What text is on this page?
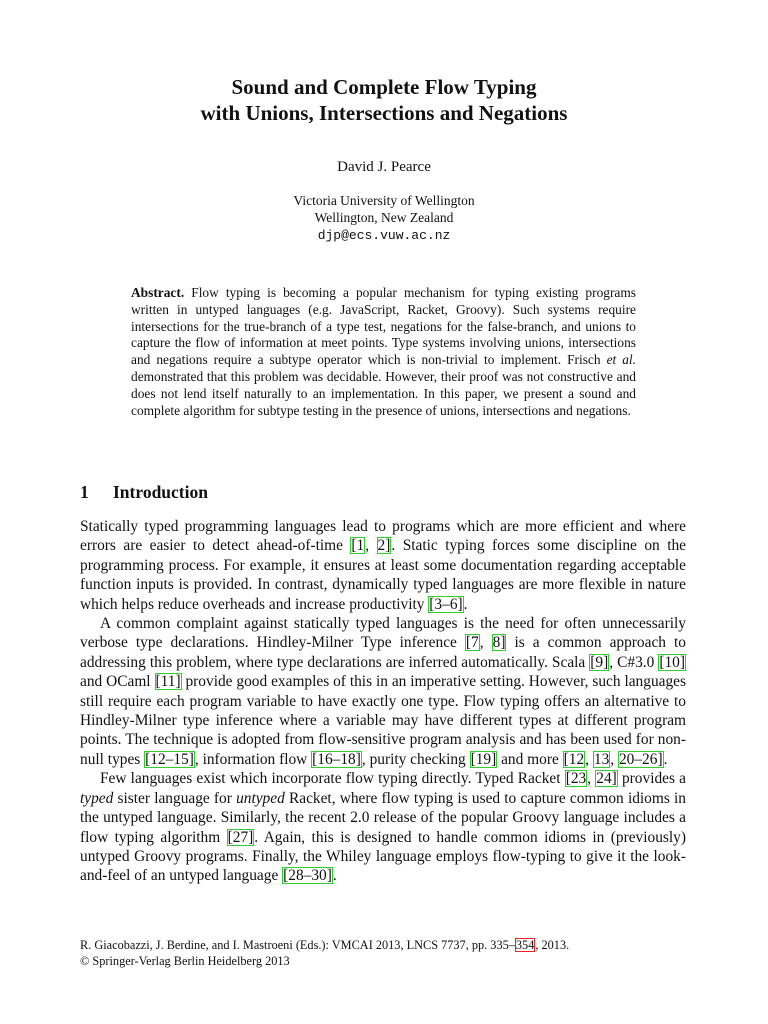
Sound and Complete Flow Typing
with Unions, Intersections and Negations
David J. Pearce
Victoria University of Wellington
Wellington, New Zealand
djp@ecs.vuw.ac.nz
Abstract. Flow typing is becoming a popular mechanism for typing existing programs written in untyped languages (e.g. JavaScript, Racket, Groovy). Such systems require intersections for the true-branch of a type test, negations for the false-branch, and unions to capture the flow of information at meet points. Type systems involving unions, intersections and negations require a subtype operator which is non-trivial to implement. Frisch et al. demonstrated that this problem was decidable. However, their proof was not constructive and does not lend itself naturally to an implementation. In this paper, we present a sound and complete algorithm for subtype testing in the presence of unions, intersections and negations.
1 Introduction

Statically typed programming languages lead to programs which are more efficient and where errors are easier to detect ahead-of-time [1, 2]. Static typing forces some discipline on the programming process. For example, it ensures at least some documentation regarding acceptable function inputs is provided. In contrast, dynamically typed languages are more flexible in nature which helps reduce overheads and increase productivity [3–6].

A common complaint against statically typed languages is the need for often unnecessarily verbose type declarations. Hindley-Milner Type inference [7, 8] is a common approach to addressing this problem, where type declarations are inferred automatically. Scala [9], C#3.0 [10] and OCaml [11] provide good examples of this in an imperative setting. However, such languages still require each program variable to have exactly one type. Flow typing offers an alternative to Hindley-Milner type inference where a variable may have different types at different program points. The technique is adopted from flow-sensitive program analysis and has been used for non-null types [12–15], information flow [16–18], purity checking [19] and more [12, 13, 20–26].

Few languages exist which incorporate flow typing directly. Typed Racket [23, 24] provides a typed sister language for untyped Racket, where flow typing is used to capture common idioms in the untyped language. Similarly, the recent 2.0 release of the popular Groovy language includes a flow typing algorithm [27]. Again, this is designed to handle common idioms in (previously) untyped Groovy programs. Finally, the Whiley language employs flow-typing to give it the look-and-feel of an untyped language [28–30].

R. Giacobazzi, J. Berdine, and I. Mastroeni (Eds.): VMCAI 2013, LNCS 7737, pp. 335–354, 2013.
© Springer-Verlag Berlin Heidelberg 2013
